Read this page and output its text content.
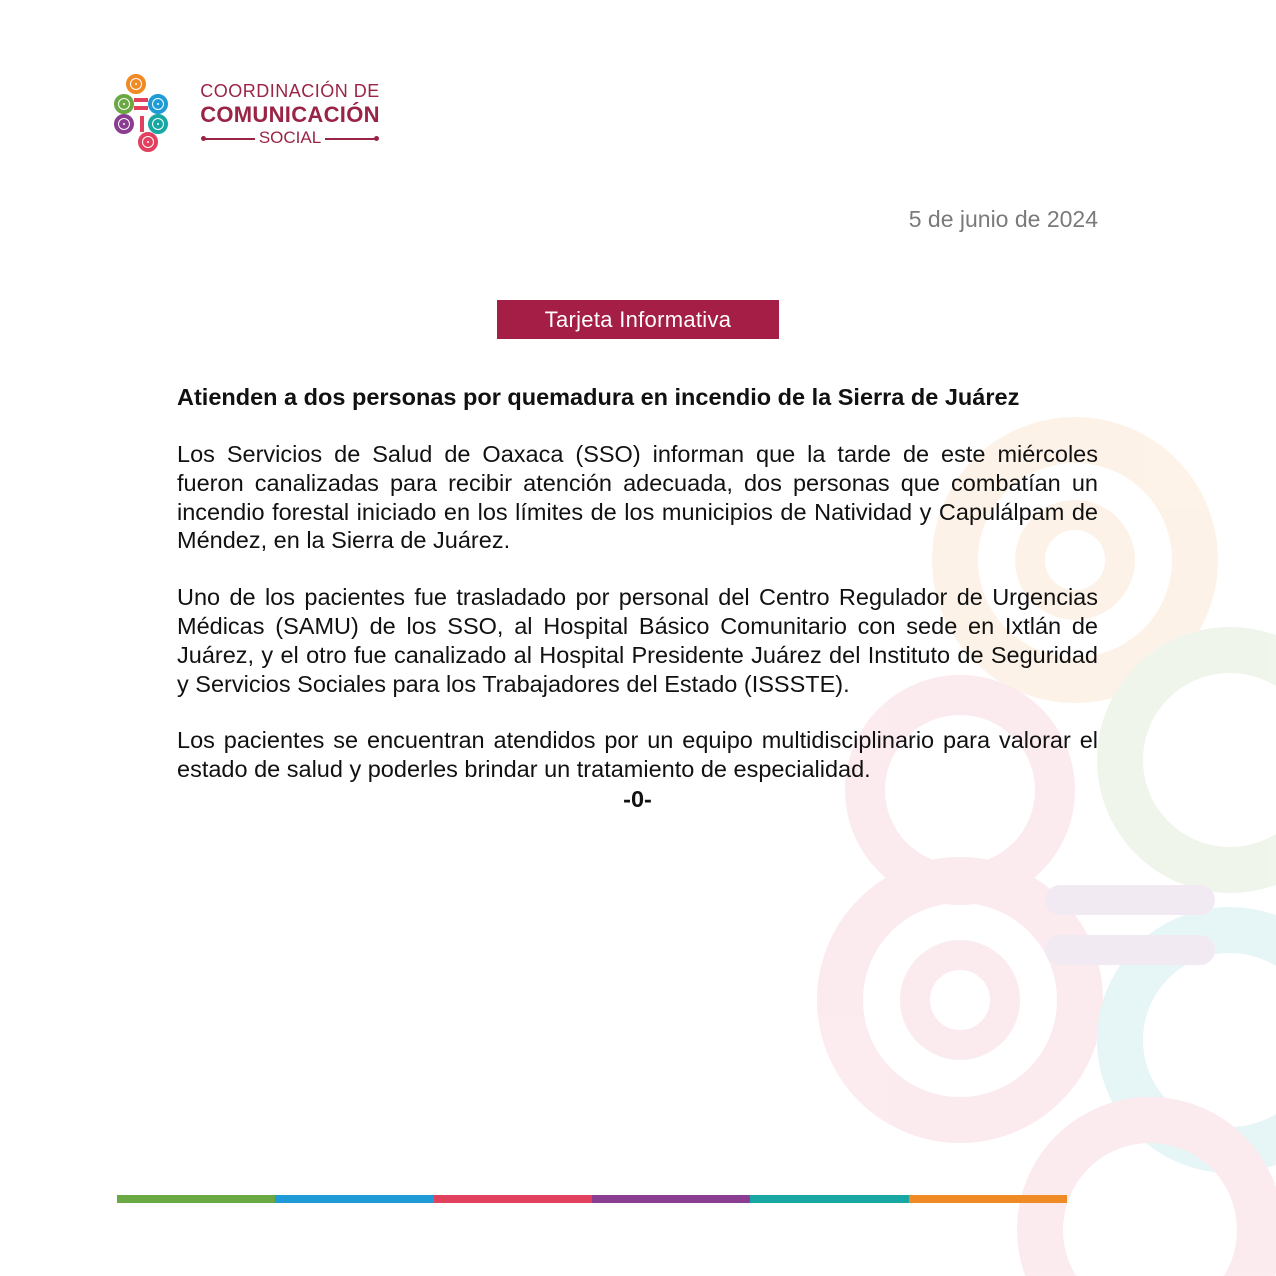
COORDINACIÓN DE
COMUNICACIÓN
SOCIAL
5 de junio de 2024
Tarjeta Informativa
Atienden a dos personas por quemadura en incendio de la Sierra de Juárez

Los Servicios de Salud de Oaxaca (SSO) informan que la tarde de este miércoles fueron canalizadas para recibir atención adecuada, dos personas que combatían un incendio forestal iniciado en los límites de los municipios de Natividad y Capulálpam de Méndez, en la Sierra de Juárez.

Uno de los pacientes fue trasladado por personal del Centro Regulador de Urgencias Médicas (SAMU) de los SSO, al Hospital Básico Comunitario con sede en Ixtlán de Juárez, y el otro fue canalizado al Hospital Presidente Juárez del Instituto de Seguridad y Servicios Sociales para los Trabajadores del Estado (ISSSTE).

Los pacientes se encuentran atendidos por un equipo multidisciplinario para valorar el estado de salud y poderles brindar un tratamiento de especialidad.

-0-
